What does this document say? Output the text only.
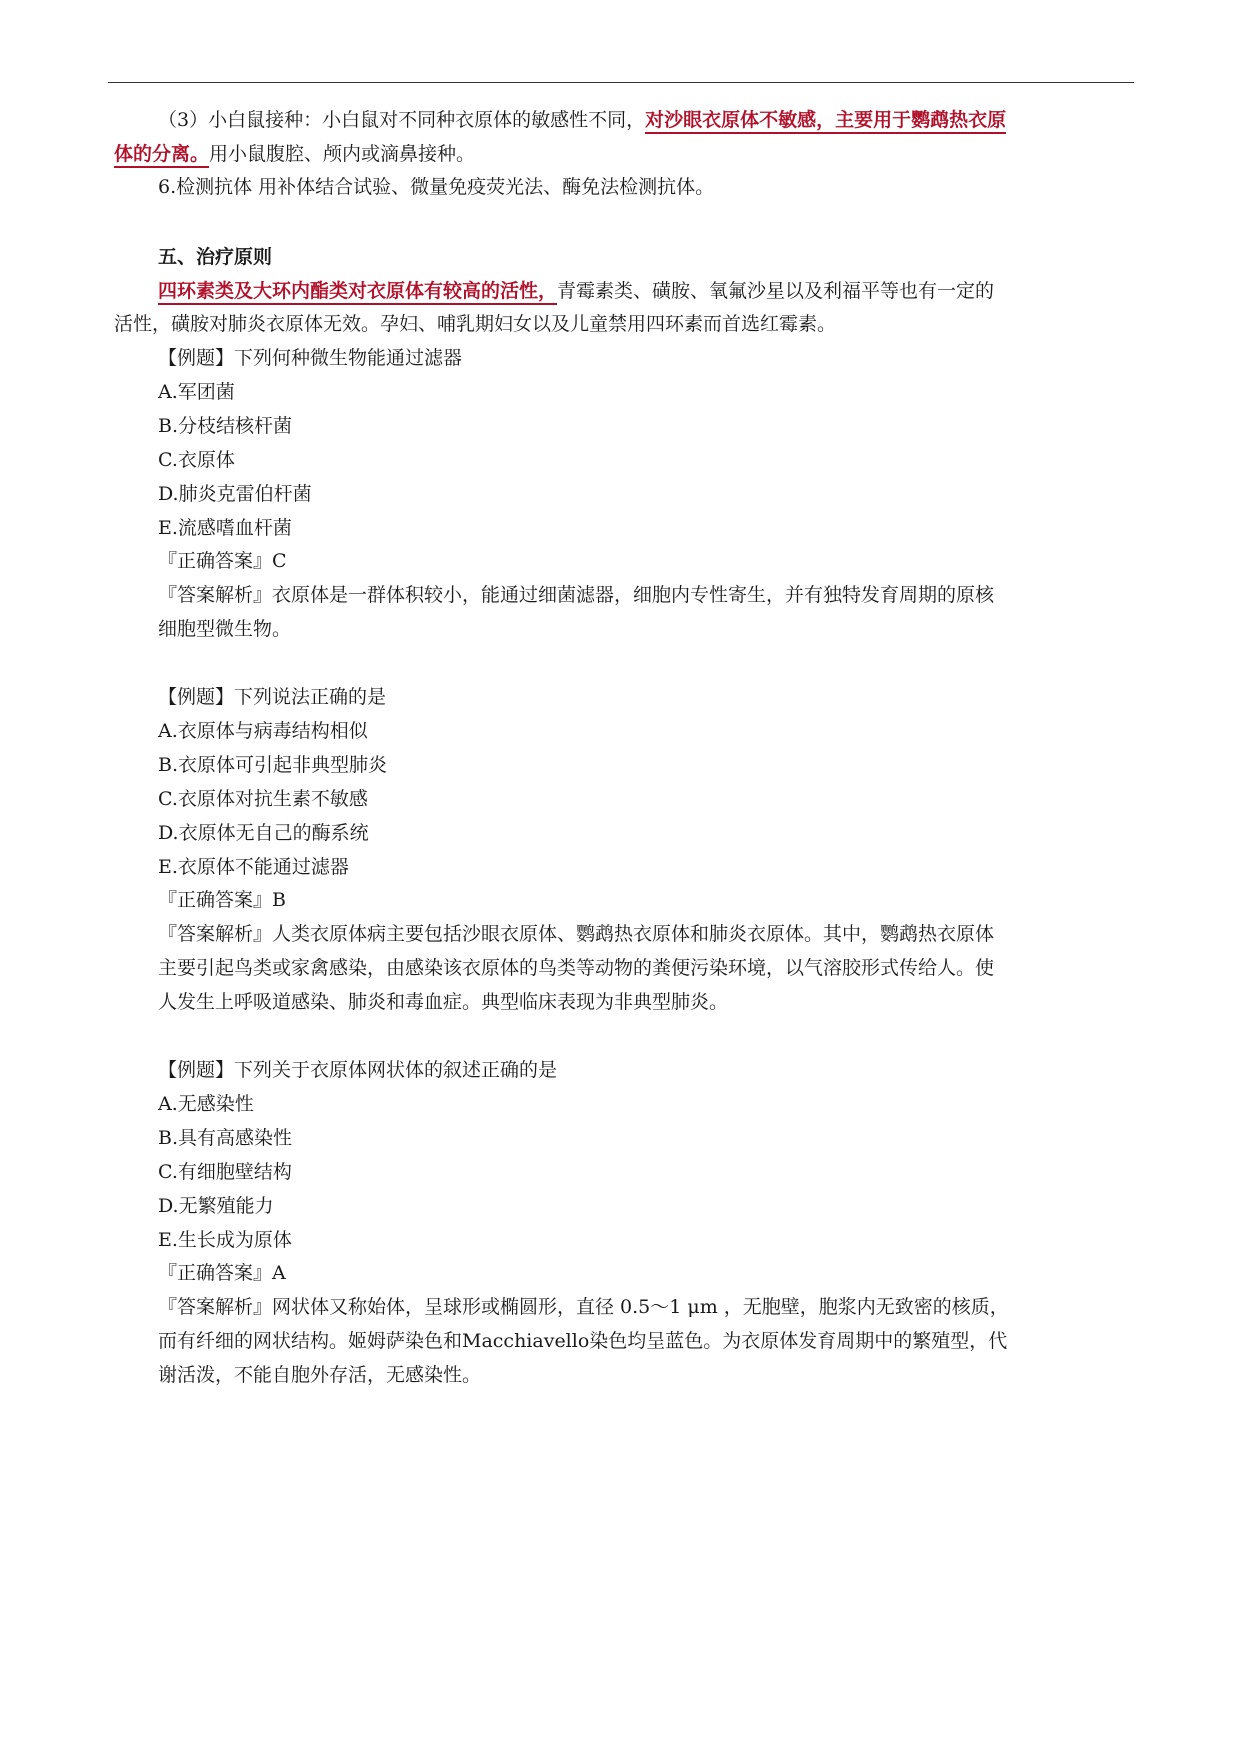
（3）小白鼠接种：小白鼠对不同种衣原体的敏感性不同，对沙眼衣原体不敏感，主要用于鹦鹉热衣原
体的分离。用小鼠腹腔、颅内或滴鼻接种。
6.检测抗体 用补体结合试验、微量免疫荧光法、酶免法检测抗体。
五、治疗原则
四环素类及大环内酯类对衣原体有较高的活性，青霉素类、磺胺、氧氟沙星以及利福平等也有一定的
活性，磺胺对肺炎衣原体无效。孕妇、哺乳期妇女以及儿童禁用四环素而首选红霉素。
【例题】下列何种微生物能通过滤器
A.军团菌
B.分枝结核杆菌
C.衣原体
D.肺炎克雷伯杆菌
E.流感嗜血杆菌
『正确答案』C
『答案解析』衣原体是一群体积较小，能通过细菌滤器，细胞内专性寄生，并有独特发育周期的原核
细胞型微生物。
【例题】下列说法正确的是
A.衣原体与病毒结构相似
B.衣原体可引起非典型肺炎
C.衣原体对抗生素不敏感
D.衣原体无自己的酶系统
E.衣原体不能通过滤器
『正确答案』B
『答案解析』人类衣原体病主要包括沙眼衣原体、鹦鹉热衣原体和肺炎衣原体。其中，鹦鹉热衣原体
主要引起鸟类或家禽感染，由感染该衣原体的鸟类等动物的粪便污染环境，以气溶胶形式传给人。使
人发生上呼吸道感染、肺炎和毒血症。典型临床表现为非典型肺炎。
【例题】下列关于衣原体网状体的叙述正确的是
A.无感染性
B.具有高感染性
C.有细胞壁结构
D.无繁殖能力
E.生长成为原体
『正确答案』A
『答案解析』网状体又称始体，呈球形或椭圆形，直径 0.5～1 μm ，无胞壁，胞浆内无致密的核质，
而有纤细的网状结构。姬姆萨染色和Macchiavello染色均呈蓝色。为衣原体发育周期中的繁殖型，代
谢活泼，不能自胞外存活，无感染性。
